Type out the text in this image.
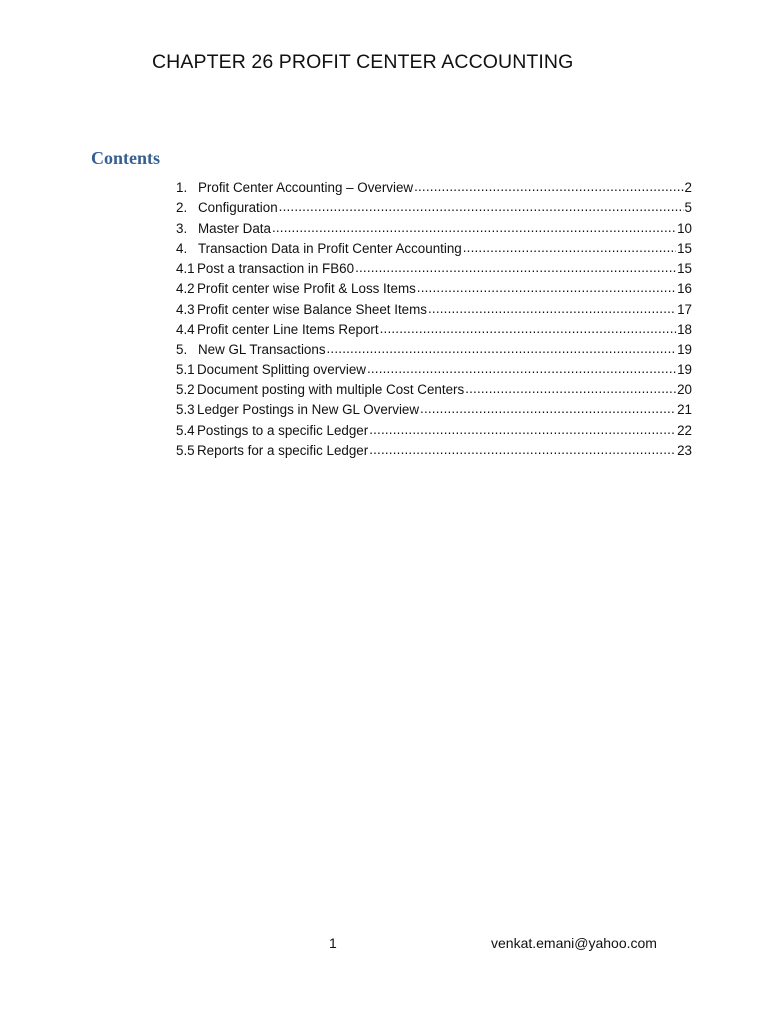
CHAPTER 26 PROFIT CENTER ACCOUNTING
Contents
1. Profit Center Accounting – Overview .....	2
2. Configuration .....	5
3. Master Data .....	10
4. Transaction Data in Profit Center Accounting .....	15
4.1 Post a transaction in FB60 .....	15
4.2 Profit center wise Profit & Loss Items .....	16
4.3 Profit center wise Balance Sheet Items .....	17
4.4 Profit center Line Items Report .....	18
5. New GL Transactions .....	19
5.1 Document Splitting overview .....	19
5.2 Document posting with multiple Cost Centers .....	20
5.3 Ledger Postings in New GL Overview .....	21
5.4 Postings to a specific Ledger .....	22
5.5 Reports for a specific Ledger .....	23
1	venkat.emani@yahoo.com
